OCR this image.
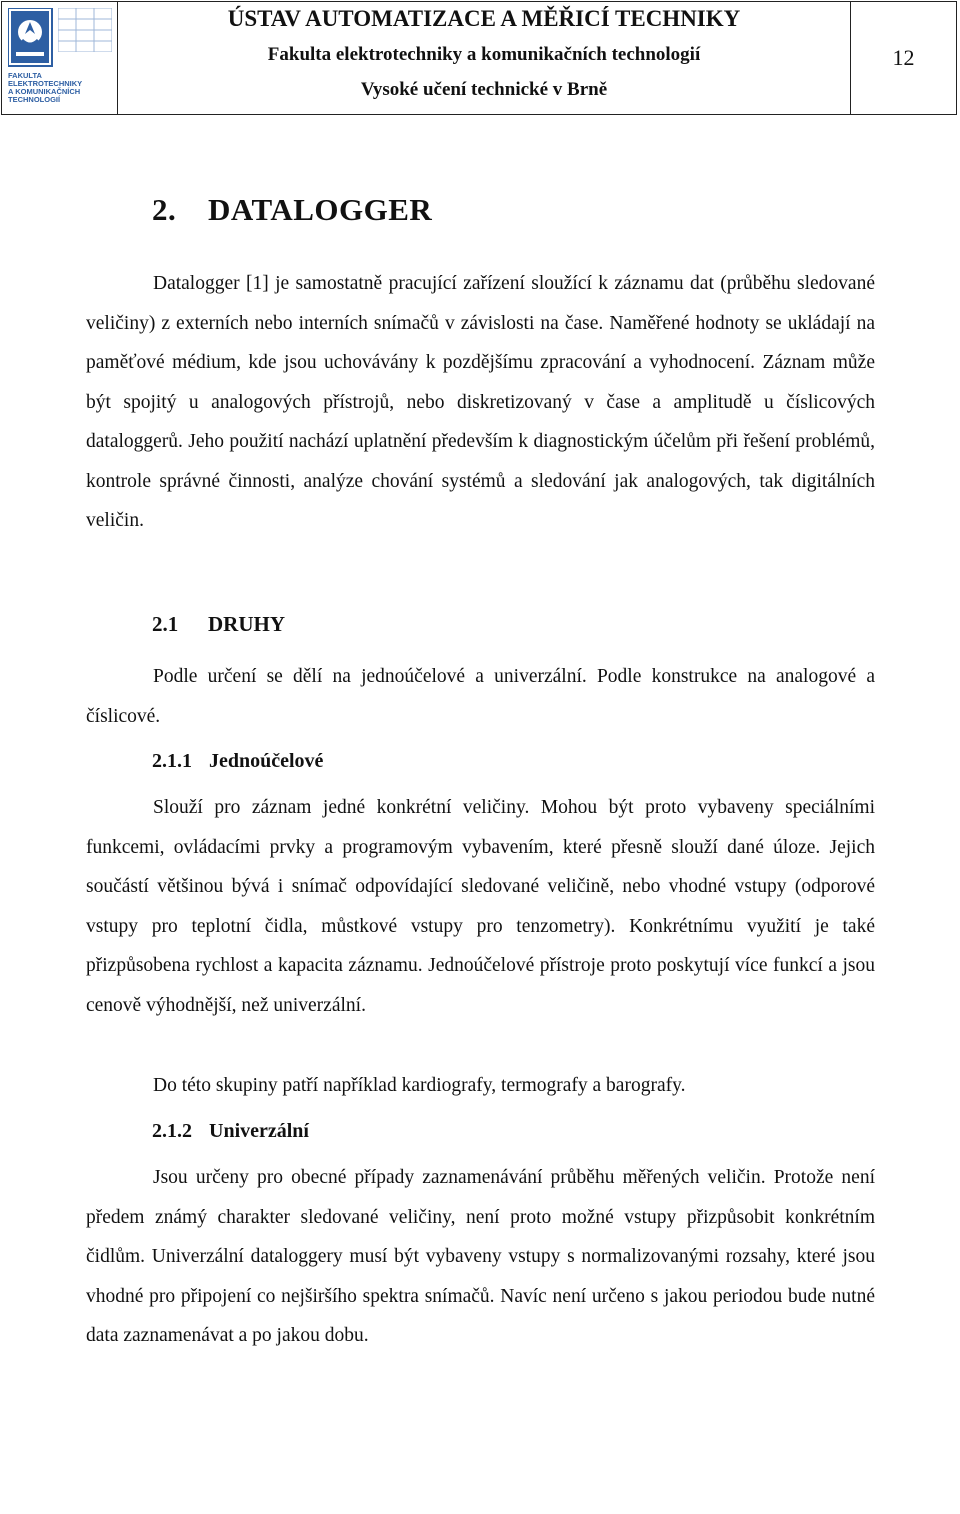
FAKULTA
ELEKTROTECHNIKY
A KOMUNIKAČNÍCH
TECHNOLOGIÍ
ÚSTAV AUTOMATIZACE A MĚŘICÍ TECHNIKY
Fakulta elektrotechniky a komunikačních technologií
Vysoké učení technické v Brně
12
2. DATALOGGER

Datalogger [1] je samostatně pracující zařízení sloužící k záznamu dat (průběhu sledované veličiny) z externích nebo interních snímačů v závislosti na čase. Naměřené hodnoty se ukládají na paměťové médium, kde jsou uchovávány k pozdějšímu zpracování a vyhodnocení. Záznam může být spojitý u analogových přístrojů, nebo diskretizovaný v čase a amplitudě u číslicových dataloggerů. Jeho použití nachází uplatnění především k diagnostickým účelům při řešení problémů, kontrole správné činnosti, analýze chování systémů a sledování jak analogových, tak digitálních veličin.

2.1 DRUHY

Podle určení se dělí na jednoúčelové a univerzální. Podle konstrukce na analogové a číslicové.

2.1.1 Jednoúčelové

Slouží pro záznam jedné konkrétní veličiny. Mohou být proto vybaveny speciálními funkcemi, ovládacími prvky a programovým vybavením, které přesně slouží dané úloze. Jejich součástí většinou bývá i snímač odpovídající sledované veličině, nebo vhodné vstupy (odporové vstupy pro teplotní čidla, můstkové vstupy pro tenzometry). Konkrétnímu využití je také přizpůsobena rychlost a kapacita záznamu. Jednoúčelové přístroje proto poskytují více funkcí a jsou cenově výhodnější, než univerzální.

Do této skupiny patří například kardiografy, termografy a barografy.

2.1.2 Univerzální

Jsou určeny pro obecné případy zaznamenávání průběhu měřených veličin. Protože není předem známý charakter sledované veličiny, není proto možné vstupy přizpůsobit konkrétním čidlům. Univerzální dataloggery musí být vybaveny vstupy s normalizovanými rozsahy, které jsou vhodné pro připojení co nejširšího spektra snímačů. Navíc není určeno s jakou periodou bude nutné data zaznamenávat a po jakou dobu.
